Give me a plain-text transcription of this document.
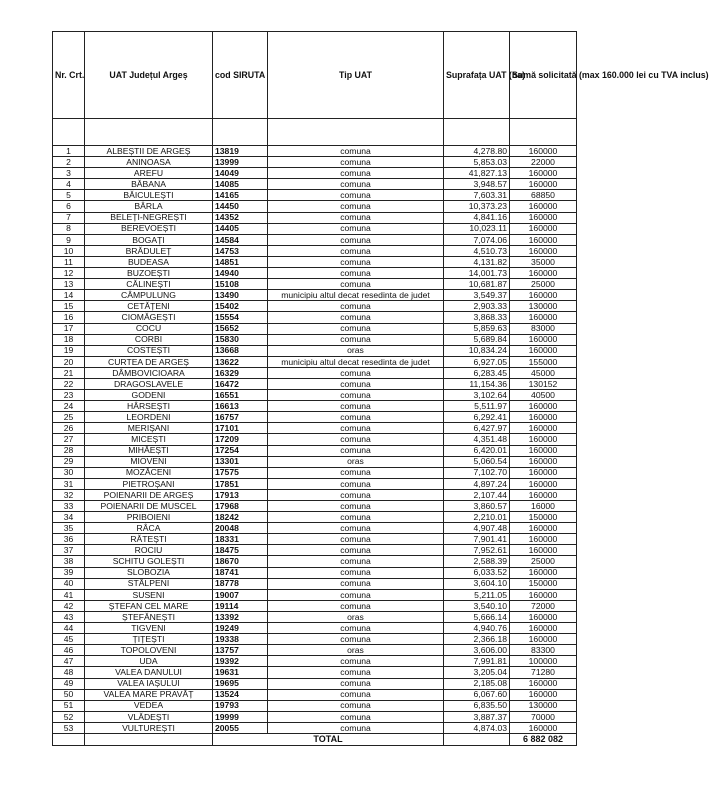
Nr. Crt.	UAT Județul Argeș	cod SIRUTA	Tip UAT	Suprafața UAT (ha)	Sumă solicitată (max 160.000 lei cu TVA inclus)

1	ALBEȘTII DE ARGEȘ	13819	comuna	4,278.80	160000
2	ANINOASA	13999	comuna	5,853.03	22000
3	AREFU	14049	comuna	41,827.13	160000
4	BĂBANA	14085	comuna	3,948.57	160000
5	BĂICULEȘTI	14165	comuna	7,603.31	68850
6	BÂRLA	14450	comuna	10,373.23	160000
7	BELEȚI-NEGREȘTI	14352	comuna	4,841.16	160000
8	BEREVOEȘTI	14405	comuna	10,023.11	160000
9	BOGAȚI	14584	comuna	7,074.06	160000
10	BRĂDULEȚ	14753	comuna	4,510.73	160000
11	BUDEASA	14851	comuna	4,131.82	35000
12	BUZOEȘTI	14940	comuna	14,001.73	160000
13	CĂLINEȘTI	15108	comuna	10,681.87	25000
14	CÂMPULUNG	13490	municipiu altul decat resedinta de judet	3,549.37	160000
15	CETĂȚENI	15402	comuna	2,903.33	130000
16	CIOMĂGEȘTI	15554	comuna	3,868.33	160000
17	COCU	15652	comuna	5,859.63	83000
18	CORBI	15830	comuna	5,689.84	160000
19	COSTEȘTI	13668	oras	10,834.24	160000
20	CURTEA DE ARGEȘ	13622	municipiu altul decat resedinta de judet	6,927.05	155000
21	DÂMBOVICIOARA	16329	comuna	6,283.45	45000
22	DRAGOSLAVELE	16472	comuna	11,154.36	130152
23	GODENI	16551	comuna	3,102.64	40500
24	HÂRSEȘTI	16613	comuna	5,511.97	160000
25	LEORDENI	16757	comuna	6,292.41	160000
26	MERIȘANI	17101	comuna	6,427.97	160000
27	MICEȘTI	17209	comuna	4,351.48	160000
28	MIHĂEȘTI	17254	comuna	6,420.01	160000
29	MIOVENI	13301	oras	5,060.54	160000
30	MOZĂCENI	17575	comuna	7,102.70	160000
31	PIETROȘANI	17851	comuna	4,897.24	160000
32	POIENARII DE ARGEȘ	17913	comuna	2,107.44	160000
33	POIENARII DE MUSCEL	17968	comuna	3,860.57	16000
34	PRIBOIENI	18242	comuna	2,210.01	150000
35	RÂCA	20048	comuna	4,907.48	160000
36	RĂTEȘTI	18331	comuna	7,901.41	160000
37	ROCIU	18475	comuna	7,952.61	160000
38	SCHITU GOLEȘTI	18670	comuna	2,588.39	25000
39	SLOBOZIA	18741	comuna	6,033.52	160000
40	STÂLPENI	18778	comuna	3,604.10	150000
41	SUSENI	19007	comuna	5,211.05	160000
42	ȘTEFAN CEL MARE	19114	comuna	3,540.10	72000
43	ȘTEFĂNEȘTI	13392	oras	5,666.14	160000
44	TIGVENI	19249	comuna	4,940.76	160000
45	ȚIȚEȘTI	19338	comuna	2,366.18	160000
46	TOPOLOVENI	13757	oras	3,606.00	83300
47	UDA	19392	comuna	7,991.81	100000
48	VALEA DANULUI	19631	comuna	3,205.04	71280
49	VALEA IAȘULUI	19695	comuna	2,185.08	160000
50	VALEA MARE PRAVĂȚ	13524	comuna	6,067.60	160000
51	VEDEA	19793	comuna	6,835.50	130000
52	VLĂDEȘTI	19999	comuna	3,887.37	70000
53	VULTUREȘTI	20055	comuna	4,874.03	160000
		TOTAL			6 882 082
